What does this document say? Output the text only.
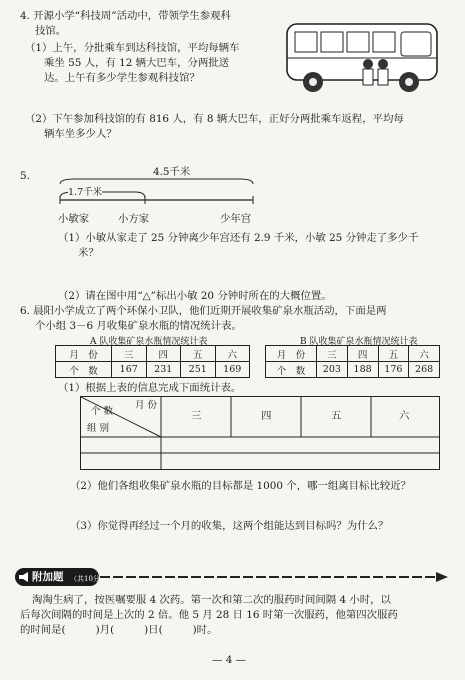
4. 开源小学“科技周”活动中，带领学生参观科
技馆。
（1）上午，分批乘车到达科技馆，平均每辆车
乘坐 55 人，有 12 辆大巴车，分两批送
达。上午有多少学生参观科技馆？
（2）下午参加科技馆的有 816 人，有 8 辆大巴车，正好分两批乘车返程，平均每
辆车坐多少人？
5.	4.5千米
1.7千米
小敏家	小方家	少年宫
（1）小敏从家走了 25 分钟离少年宫还有 2.9 千米，小敏 25 分钟走了多少千
米？
（2）请在图中用“△”标出小敏 20 分钟时所在的大概位置。
6. 晨阳小学成立了两个环保小卫队，他们近期开展收集矿泉水瓶活动，下面是两
个小组 3－6 月收集矿泉水瓶的情况统计表。
A 队收集矿泉水瓶情况统计表
月　份	三	四	五	六
个　数	167	231	251	169
B 队收集矿泉水瓶情况统计表
月　份	三	四	五	六
个　数	203	188	176	268
（1）根据上表的信息完成下面统计表。
月 份
个 数
组 别
三	四	五	六
（2）他们各组收集矿泉水瓶的目标都是 1000 个，哪一组离目标比较近？
（3）你觉得再经过一个月的收集，这两个组能达到目标吗？为什么？
附加题 （共10分）
淘淘生病了，按医嘱要服 4 次药。第一次和第二次的服药时间间隔 4 小时，以
后每次间隔的时间是上次的 2 倍。他 5 月 28 日 16 时第一次服药，他第四次服药
的时间是(	)月(	)日(	)时。
— 4 —
